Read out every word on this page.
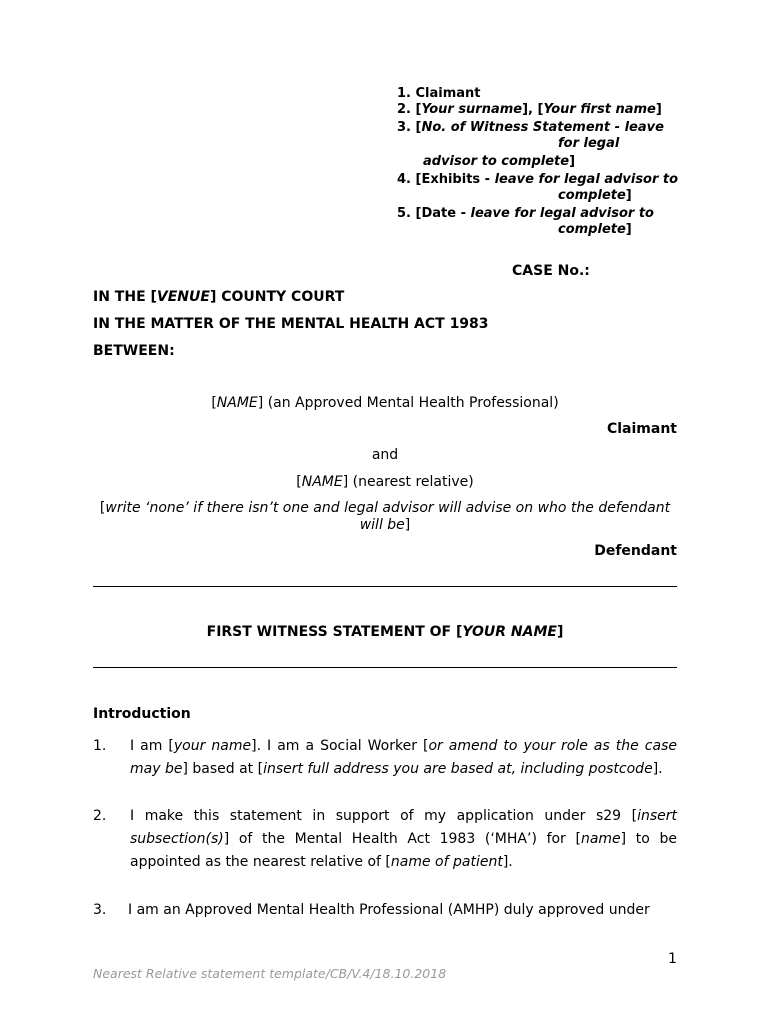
1. Claimant
2. [Your surname], [Your first name]
3. [No. of Witness Statement - leave
for legal
advisor to complete]
4. [Exhibits - leave for legal advisor to
complete]
5. [Date - leave for legal advisor to
complete]
CASE No.:
IN THE [VENUE] COUNTY COURT
IN THE MATTER OF THE MENTAL HEALTH ACT 1983
BETWEEN:
[NAME] (an Approved Mental Health Professional)
Claimant
and
[NAME] (nearest relative)
[write ‘none’ if there isn’t one and legal advisor will advise on who the defendant will be]
Defendant
FIRST WITNESS STATEMENT OF [YOUR NAME]
Introduction
1. I am [your name]. I am a Social Worker [or amend to your role as the case may be] based at [insert full address you are based at, including postcode].
2. I make this statement in support of my application under s29 [insert subsection(s)] of the Mental Health Act 1983 (‘MHA’) for [name] to be appointed as the nearest relative of [name of patient].
3. I am an Approved Mental Health Professional (AMHP) duly approved under
1
Nearest Relative statement template/CB/V.4/18.10.2018
